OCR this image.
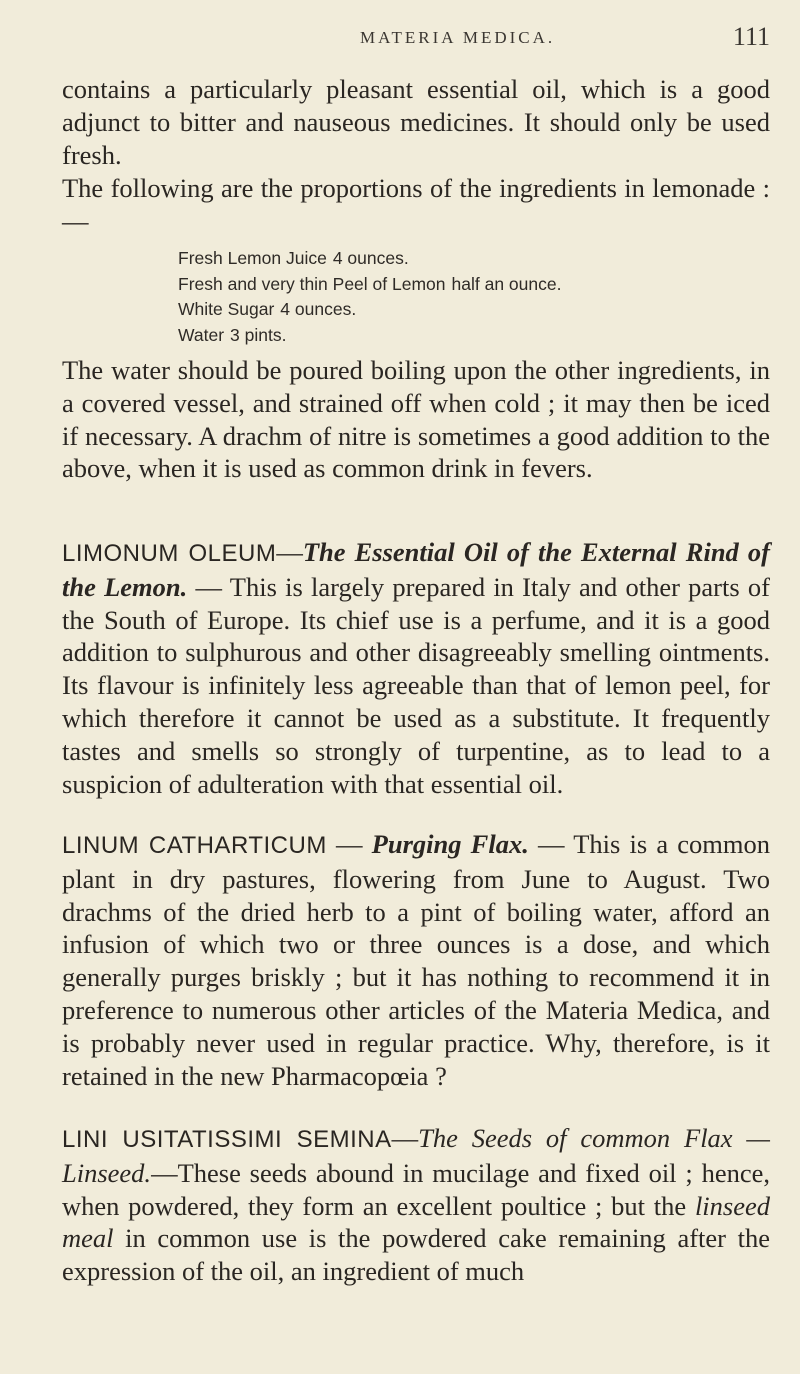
MATERIA MEDICA.	111

contains a particularly pleasant essential oil, which is a good adjunct to bitter and nauseous medicines. It should only be used fresh.

The following are the proportions of the ingredients in lemonade : —

Fresh Lemon Juice 4 ounces.
Fresh and very thin Peel of Lemon half an ounce.
White Sugar 4 ounces.
Water 3 pints.

The water should be poured boiling upon the other ingredients, in a covered vessel, and strained off when cold ; it may then be iced if necessary. A drachm of nitre is sometimes a good addition to the above, when it is used as common drink in fevers.

LIMONUM OLEUM—The Essential Oil of the External Rind of the Lemon. — This is largely prepared in Italy and other parts of the South of Europe. Its chief use is a perfume, and it is a good addition to sulphurous and other disagreeably smelling ointments. Its flavour is infinitely less agreeable than that of lemon peel, for which therefore it cannot be used as a substitute. It frequently tastes and smells so strongly of turpentine, as to lead to a suspicion of adulteration with that essential oil.

LINUM CATHARTICUM — Purging Flax. — This is a common plant in dry pastures, flowering from June to August. Two drachms of the dried herb to a pint of boiling water, afford an infusion of which two or three ounces is a dose, and which generally purges briskly ; but it has nothing to recommend it in preference to numerous other articles of the Materia Medica, and is probably never used in regular practice. Why, therefore, is it retained in the new Pharmacopœia ?

LINI USITATISSIMI SEMINA—The Seeds of common Flax — Linseed.—These seeds abound in mucilage and fixed oil ; hence, when powdered, they form an excellent poultice ; but the linseed meal in common use is the powdered cake remaining after the expression of the oil, an ingredient of much
